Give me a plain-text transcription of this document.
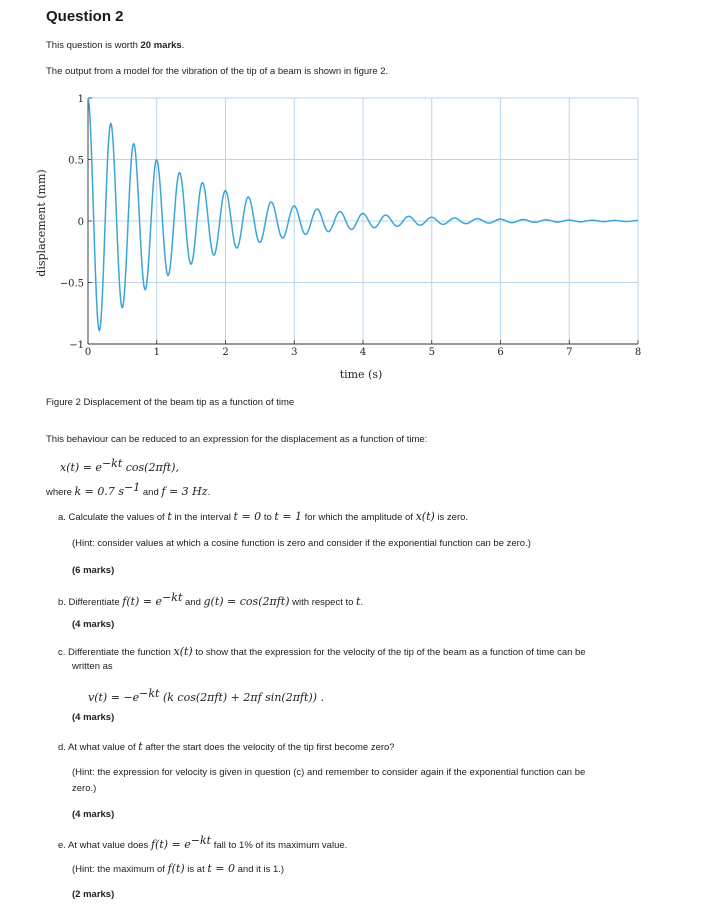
Question 2
This question is worth 20 marks.
The output from a model for the vibration of the tip of a beam is shown in figure 2.
0	1	2	3	4	5	6	7	8
1
0.5
0
−0.5
−1
time (s)
displacement (mm)
Figure 2 Displacement of the beam tip as a function of time
This behaviour can be reduced to an expression for the displacement as a function of time:
$x(t) = e^{-kt}$ cos(2πft),
where k = 0.7 $s^{-1}$ and f = 3 Hz.
a. Calculate the values of t in the interval t = 0 to t = 1 for which the amplitude of x(t) is zero.
(Hint: consider values at which a cosine function is zero and consider if the exponential function can be zero.)
(6 marks)
b. Differentiate $f(t) = e^{-kt}$ and g(t) = cos(2πft) with respect to t.
(4 marks)
c. Differentiate the function x(t) to show that the expression for the velocity of the tip of the beam as a function of time can be
written as
$v(t) = -e^{-kt}$ (k cos(2πft) + 2πf sin(2πft)) .
(4 marks)
d. At what value of t after the start does the velocity of the tip first become zero?
(Hint: the expression for velocity is given in question (c) and remember to consider again if the exponential function can be
zero.)
(4 marks)
e. At what value does $f(t) = e^{-kt}$ fall to 1% of its maximum value.
(Hint: the maximum of f(t) is at t = 0 and it is 1.)
(2 marks)
